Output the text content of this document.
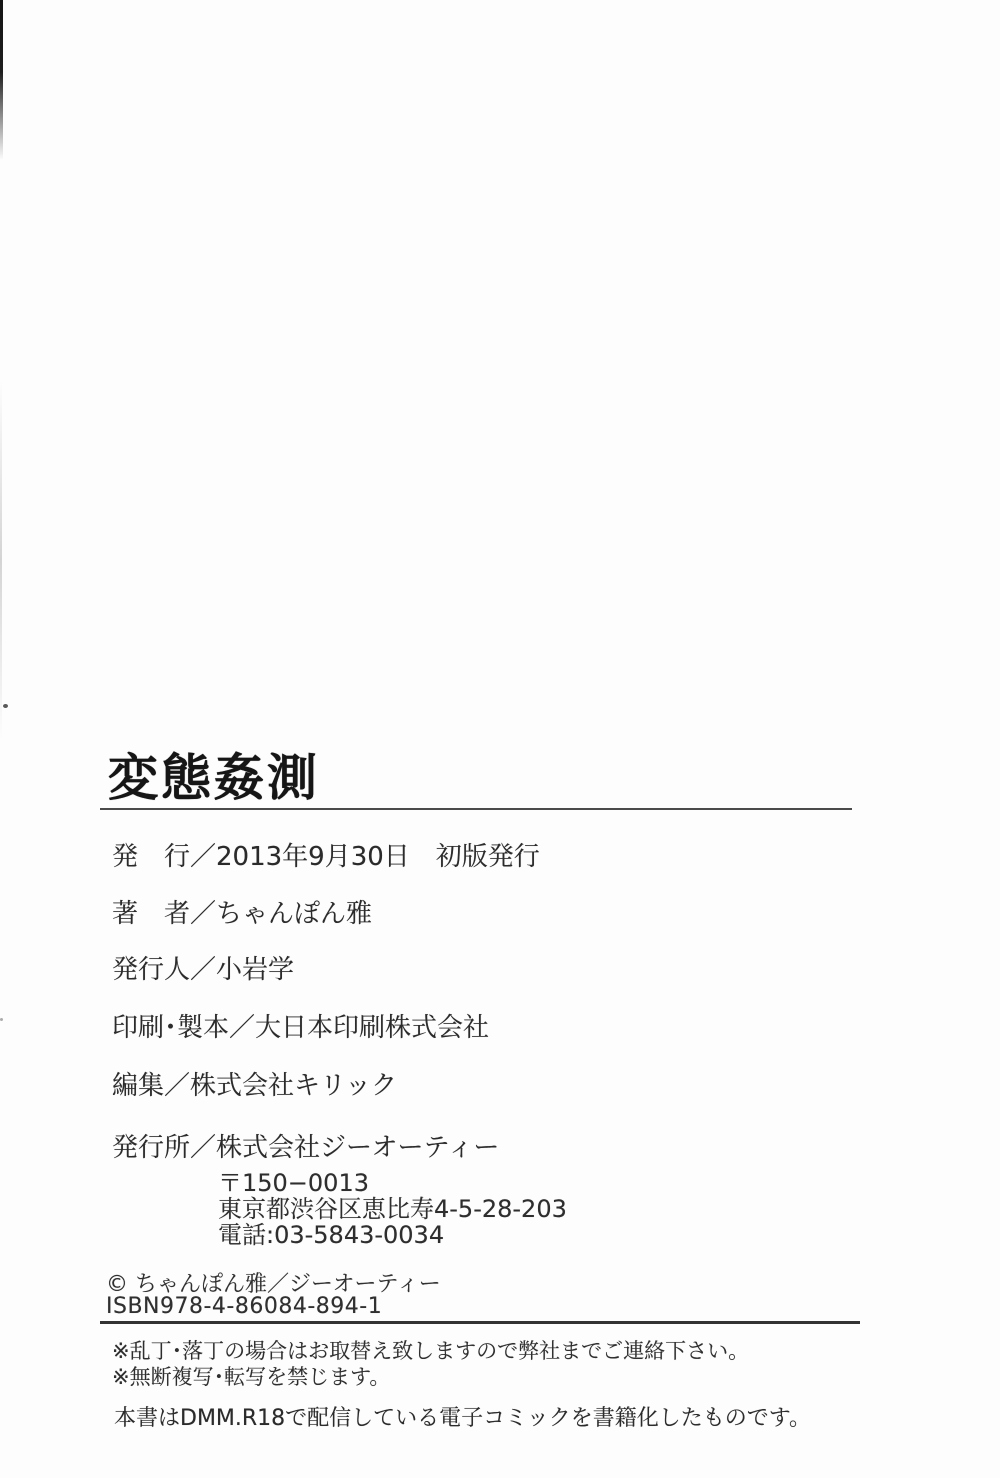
変態姦測
発　行／2013年9月30日　初版発行
著　者／ちゃんぽん雅
発行人／小岩学
印刷･製本／大日本印刷株式会社
編集／株式会社キリック
発行所／株式会社ジーオーティー
〒150−0013
東京都渋谷区恵比寿4-5-28-203
電話:03-5843-0034
© ちゃんぽん雅／ジーオーティー
ISBN978-4-86084-894-1
※乱丁･落丁の場合はお取替え致しますので弊社までご連絡下さい。
※無断複写･転写を禁じます。
本書はDMM.R18で配信している電子コミックを書籍化したものです。
